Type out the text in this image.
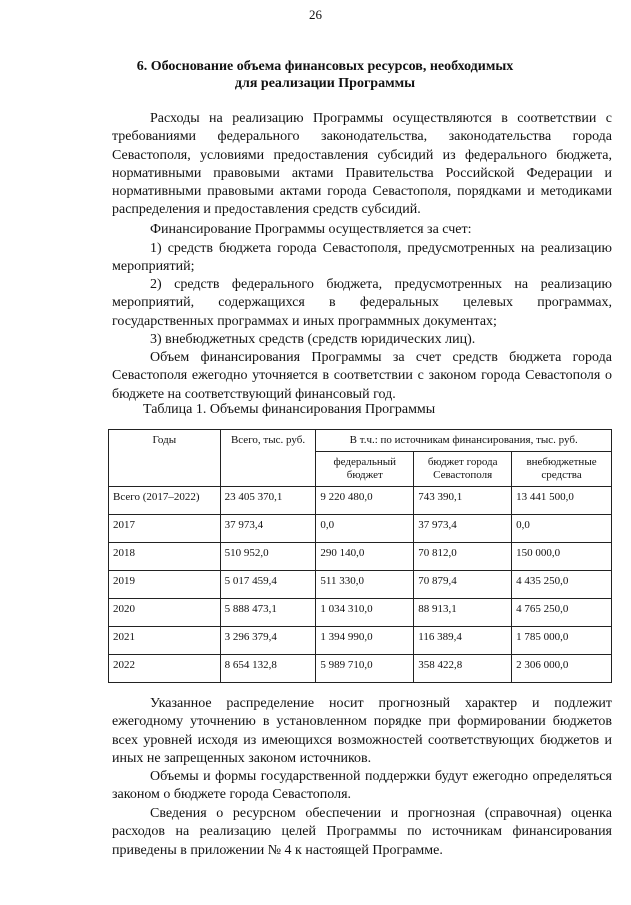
26
6. Обоснование объема финансовых ресурсов, необходимых
для реализации Программы
Расходы на реализацию Программы осуществляются в соответствии с требованиями федерального законодательства, законодательства города Севастополя, условиями предоставления субсидий из федерального бюджета, нормативными правовыми актами Правительства Российской Федерации и нормативными правовыми актами города Севастополя, порядками и методиками распределения и предоставления средств субсидий.
Финансирование Программы осуществляется за счет:
1) средств бюджета города Севастополя, предусмотренных на реализацию мероприятий;
2) средств федерального бюджета, предусмотренных на реализацию мероприятий, содержащихся в федеральных целевых программах, государственных программах и иных программных документах;
3) внебюджетных средств (средств юридических лиц).
Объем финансирования Программы за счет средств бюджета города Севастополя ежегодно уточняется в соответствии с законом города Севастополя о бюджете на соответствующий финансовый год.
Таблица 1. Объемы финансирования Программы
Годы	Всего, тыс. руб.	В т.ч.: по источникам финансирования, тыс. руб.		
		федеральный бюджет	бюджет города Севастополя	внебюджетные средства
Всего (2017–2022)	23 405 370,1	9 220 480,0	743 390,1	13 441 500,0
2017	37 973,4	0,0	37 973,4	0,0
2018	510 952,0	290 140,0	70 812,0	150 000,0
2019	5 017 459,4	511 330,0	70 879,4	4 435 250,0
2020	5 888 473,1	1 034 310,0	88 913,1	4 765 250,0
2021	3 296 379,4	1 394 990,0	116 389,4	1 785 000,0
2022	8 654 132,8	5 989 710,0	358 422,8	2 306 000,0
Указанное распределение носит прогнозный характер и подлежит ежегодному уточнению в установленном порядке при формировании бюджетов всех уровней исходя из имеющихся возможностей соответствующих бюджетов и иных не запрещенных законом источников.
Объемы и формы государственной поддержки будут ежегодно определяться законом о бюджете города Севастополя.
Сведения о ресурсном обеспечении и прогнозная (справочная) оценка расходов на реализацию целей Программы по источникам финансирования приведены в приложении № 4 к настоящей Программе.
